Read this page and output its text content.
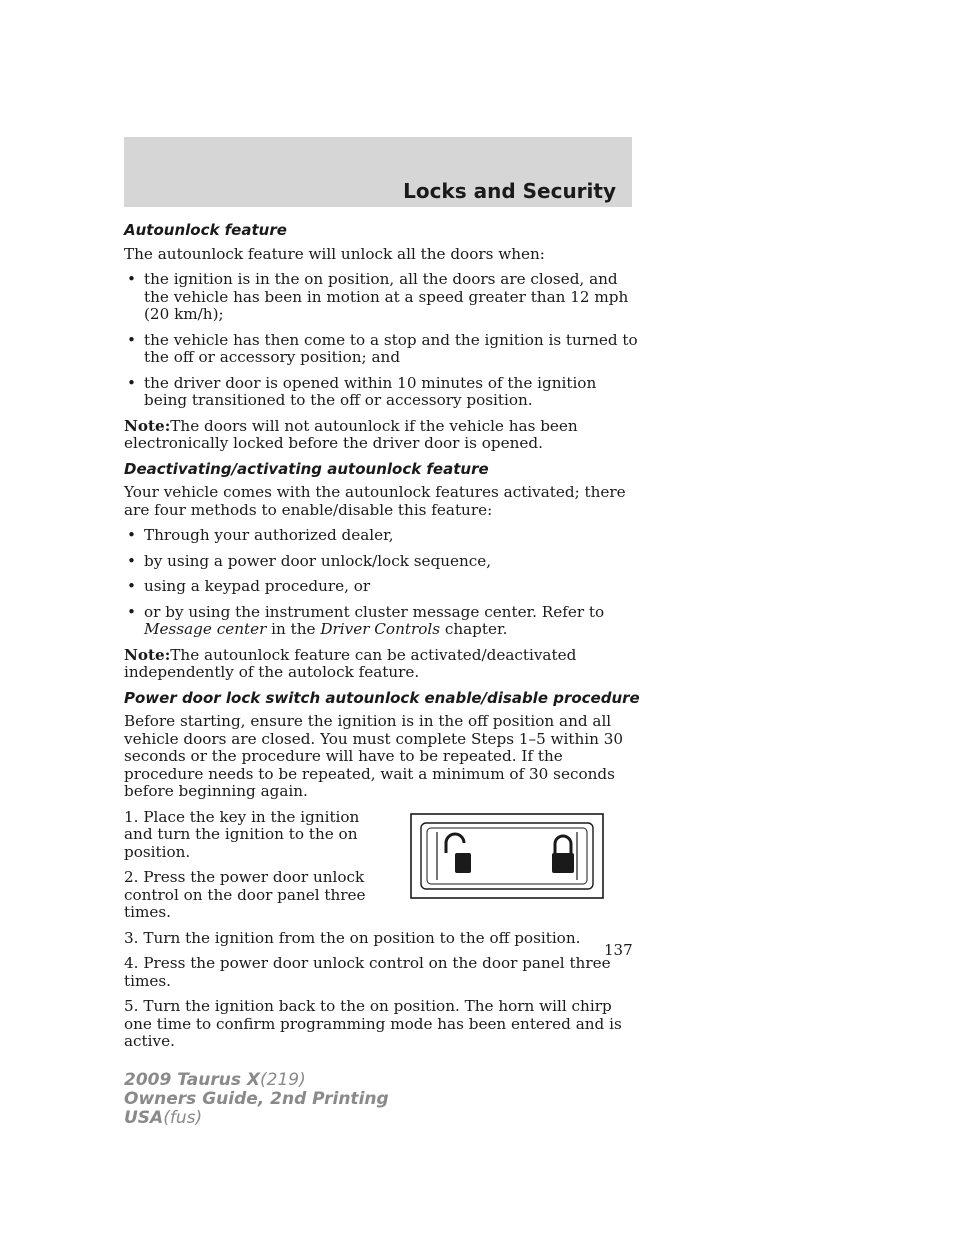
Locks and Security
Autounlock feature

The autounlock feature will unlock all the doors when:

• the ignition is in the on position, all the doors are closed, and the vehicle has been in motion at a speed greater than 12 mph (20 km/h);
• the vehicle has then come to a stop and the ignition is turned to the off or accessory position; and
• the driver door is opened within 10 minutes of the ignition being transitioned to the off or accessory position.

Note:The doors will not autounlock if the vehicle has been electronically locked before the driver door is opened.

Deactivating/activating autounlock feature

Your vehicle comes with the autounlock features activated; there are four methods to enable/disable this feature:

• Through your authorized dealer,
• by using a power door unlock/lock sequence,
• using a keypad procedure, or
• or by using the instrument cluster message center. Refer to Message center in the Driver Controls chapter.

Note:The autounlock feature can be activated/deactivated independently of the autolock feature.

Power door lock switch autounlock enable/disable procedure

Before starting, ensure the ignition is in the off position and all vehicle doors are closed. You must complete Steps 1–5 within 30 seconds or the procedure will have to be repeated. If the procedure needs to be repeated, wait a minimum of 30 seconds before beginning again.

1. Place the key in the ignition and turn the ignition to the on position.

2. Press the power door unlock control on the door panel three times.

3. Turn the ignition from the on position to the off position.

4. Press the power door unlock control on the door panel three times.

5. Turn the ignition back to the on position. The horn will chirp one time to confirm programming mode has been entered and is active.

137
2009 Taurus X(219)
Owners Guide, 2nd Printing
USA(fus)
